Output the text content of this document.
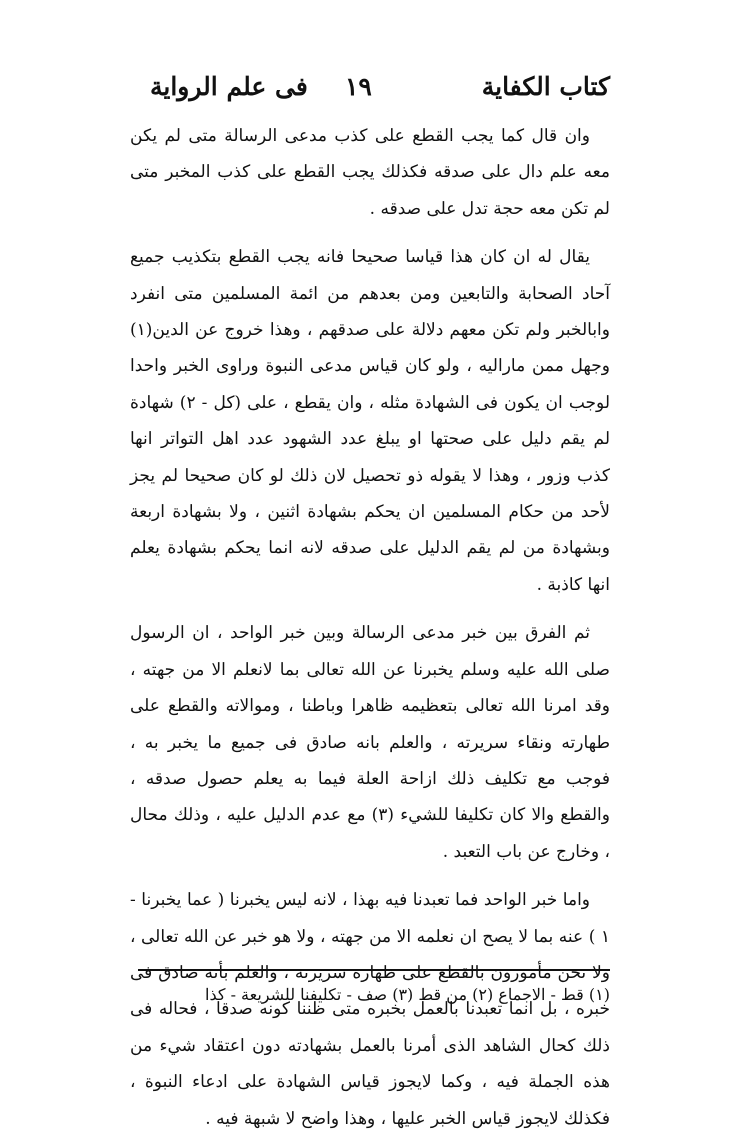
كتاب الكفاية
١٩
فى علم الرواية

وان قال كما يجب القطع على كذب مدعى الرسالة متى لم يكن معه علم دال على صدقه فكذلك يجب القطع على كذب المخبر متى لم تكن معه حجة تدل على صدقه .

يقال له ان كان هذا قياسا صحيحا فانه يجب القطع بتكذيب جميع آحاد الصحابة والتابعين ومن بعدهم من ائمة المسلمين متى انفرد وابالخبر ولم تكن معهم دلالة على صدقهم ، وهذا خروج عن الدين(١) وجهل ممن ماراليه ، ولو كان قياس مدعى النبوة وراوى الخبر واحدا لوجب ان يكون فى الشهادة مثله ، وان يقطع ، على (كل - ٢) شهادة لم يقم دليل على صحتها او يبلغ عدد الشهود عدد اهل التواتر انها كذب وزور ، وهذا لا يقوله ذو تحصيل لان ذلك لو كان صحيحا لم يجز لأحد من حكام المسلمين ان يحكم بشهادة اثنين ، ولا بشهادة اربعة وبشهادة من لم يقم الدليل على صدقه لانه انما يحكم بشهادة يعلم انها كاذبة .

ثم الفرق بين خبر مدعى الرسالة وبين خبر الواحد ، ان الرسول صلى الله عليه وسلم يخبرنا عن الله تعالى بما لانعلم الا من جهته ، وقد امرنا الله تعالى بتعظيمه ظاهرا وباطنا ، وموالاته والقطع على طهارته ونقاء سريرته ، والعلم بانه صادق فى جميع ما يخبر به ، فوجب مع تكليف ذلك ازاحة العلة فيما به يعلم حصول صدقه ، والقطع والا كان تكليفا للشيء (٣) مع عدم الدليل عليه ، وذلك محال ، وخارج عن باب التعبد .

واما خبر الواحد فما تعبدنا فيه بهذا ، لانه ليس يخبرنا ( عما يخبرنا - ١ ) عنه بما لا يصح ان نعلمه الا من جهته ، ولا هو خبر عن الله تعالى ، ولا نحن مأمورون بالقطع على طهارة سريرته ، والعلم بأنه صادق فى خبره ، بل انما تعبدنا بالعمل بخبره متى ظننا كونه صدقا ، فحاله فى ذلك كحال الشاهد الذى أمرنا بالعمل بشهادته دون اعتقاد شيء من هذه الجملة فيه ، وكما لايجوز قياس الشهادة على ادعاء النبوة ، فكذلك لايجوز قياس الخبر عليها ، وهذا واضح لا شبهة فيه .

(١) قط - الاجماع (٢) من قط (٣) صف - تكليفنا للشريعة - كذا
